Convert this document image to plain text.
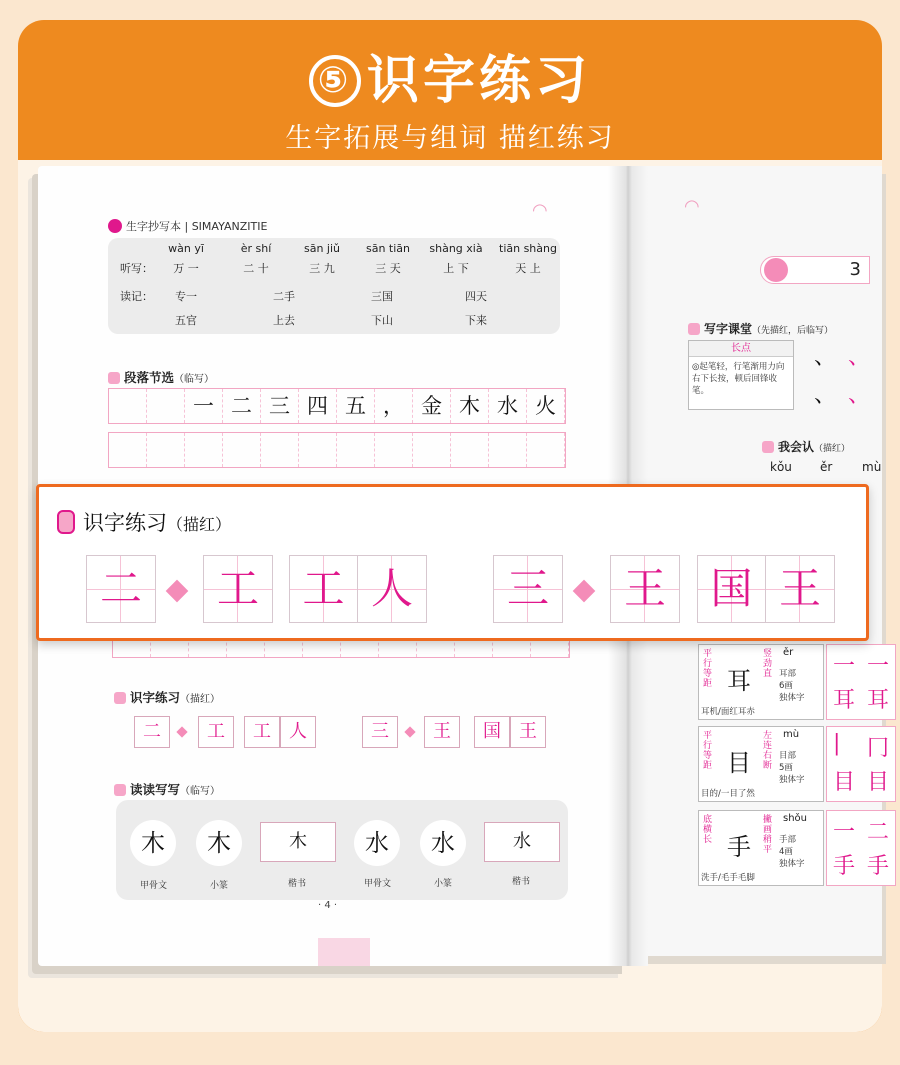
⑤ 识字练习
生字拓展与组词 描红练习
生字抄写本 | SIMAYANZITIE
◠
wàn yī	èr shí	sān jiǔ	sān tiān	shàng xià	tiān shàng
听写：	万 一	二 十	三 九	三 天	上 下	天 上
读记：	专一	二手	三国	四天
五官	上去	下山	下来
段落节选（临写）
一 二 三 四 五 ， 金 木 水 火
识字练习（描红）
二	工	工	人	三	王	国	王
读读写写（临写）
木	木	木	水	水	水
甲骨文	小篆	楷书	甲骨文	小篆	楷书
· 4 ·
◠
3
写字课堂（先描红，后临写）
长点
◎起笔轻，行笔渐用力向右下长按，顿后回锋收笔。
、 、
、 、
我会认（描红）
kǒu ěr mù
平行等距 耳
竖劲直
ěr
耳部
6画
独体字
耳机/面红耳赤
一 一
耳 耳
平行等距 目
左连右断
mù
目部
5画
独体字
目的/一目了然
| 冂
目 目
底横长 手
撇画稍平
shǒu
手部
4画
独体字
洗手/毛手毛脚
一 二
手 手
识字练习（描红）
二	工	工 人	三	王	国 王
